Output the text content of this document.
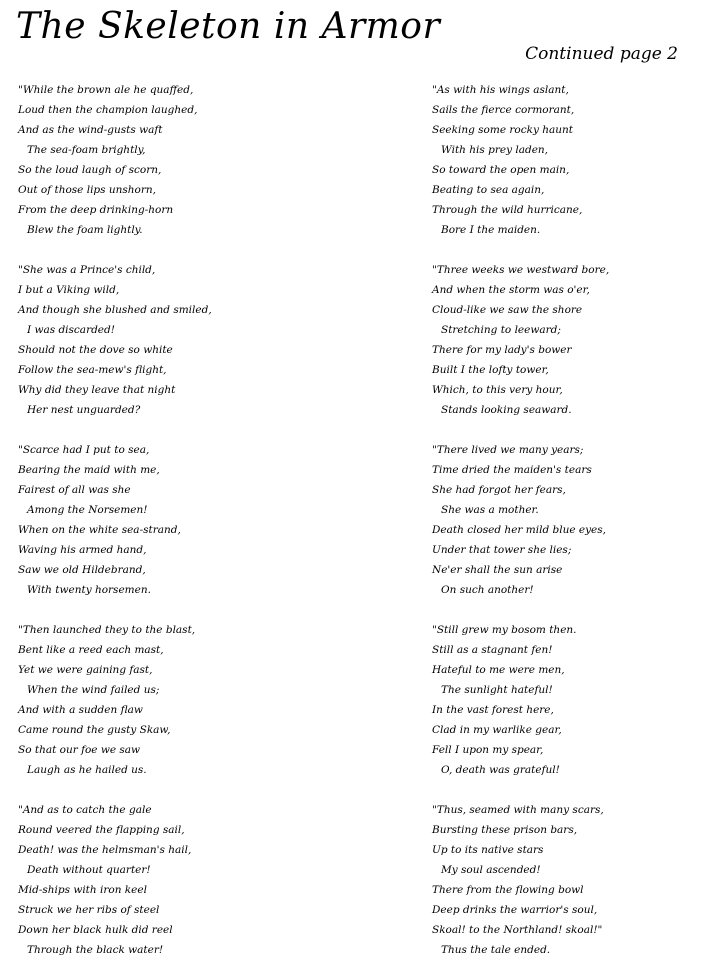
The Skeleton in Armor
Continued page 2
"While the brown ale he quaffed,
Loud then the champion laughed,
And as the wind-gusts waft
The sea-foam brightly,
So the loud laugh of scorn,
Out of those lips unshorn,
From the deep drinking-horn
Blew the foam lightly.
"She was a Prince's child,
I but a Viking wild,
And though she blushed and smiled,
I was discarded!
Should not the dove so white
Follow the sea-mew's flight,
Why did they leave that night
Her nest unguarded?
"Scarce had I put to sea,
Bearing the maid with me,
Fairest of all was she
Among the Norsemen!
When on the white sea-strand,
Waving his armed hand,
Saw we old Hildebrand,
With twenty horsemen.
"Then launched they to the blast,
Bent like a reed each mast,
Yet we were gaining fast,
When the wind failed us;
And with a sudden flaw
Came round the gusty Skaw,
So that our foe we saw
Laugh as he hailed us.
"And as to catch the gale
Round veered the flapping sail,
Death! was the helmsman's hail,
Death without quarter!
Mid-ships with iron keel
Struck we her ribs of steel
Down her black hulk did reel
Through the black water!
"As with his wings aslant,
Sails the fierce cormorant,
Seeking some rocky haunt
With his prey laden,
So toward the open main,
Beating to sea again,
Through the wild hurricane,
Bore I the maiden.
"Three weeks we westward bore,
And when the storm was o'er,
Cloud-like we saw the shore
Stretching to leeward;
There for my lady's bower
Built I the lofty tower,
Which, to this very hour,
Stands looking seaward.
"There lived we many years;
Time dried the maiden's tears
She had forgot her fears,
She was a mother.
Death closed her mild blue eyes,
Under that tower she lies;
Ne'er shall the sun arise
On such another!
"Still grew my bosom then.
Still as a stagnant fen!
Hateful to me were men,
The sunlight hateful!
In the vast forest here,
Clad in my warlike gear,
Fell I upon my spear,
O, death was grateful!
"Thus, seamed with many scars,
Bursting these prison bars,
Up to its native stars
My soul ascended!
There from the flowing bowl
Deep drinks the warrior's soul,
Skoal! to the Northland! skoal!"
Thus the tale ended.
